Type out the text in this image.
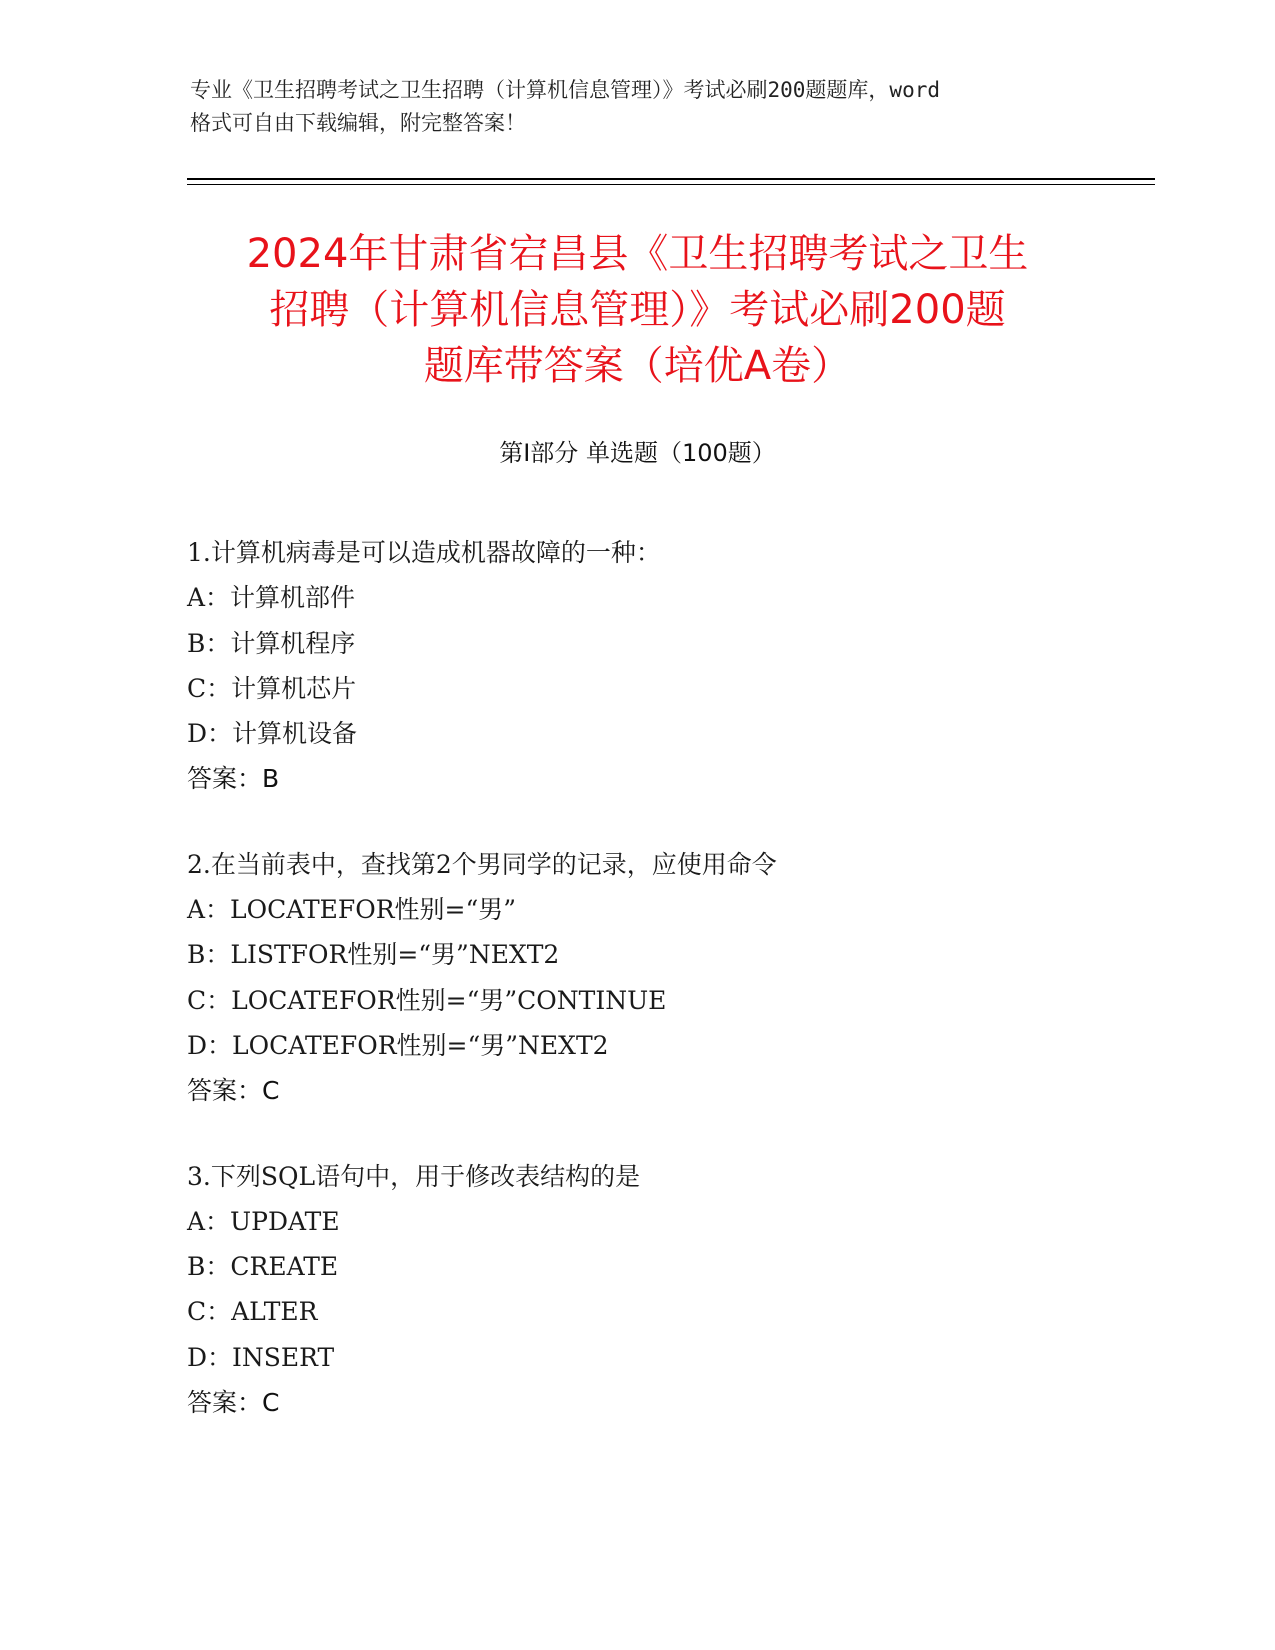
专业《卫生招聘考试之卫生招聘（计算机信息管理）》考试必刷200题题库，word
格式可自由下载编辑，附完整答案！
2024年甘肃省宕昌县《卫生招聘考试之卫生
招聘（计算机信息管理）》考试必刷200题
题库带答案（培优A卷）
第Ⅰ部分 单选题（100题）
1.计算机病毒是可以造成机器故障的一种：
A：计算机部件
B：计算机程序
C：计算机芯片
D：计算机设备
答案：B
2.在当前表中，查找第2个男同学的记录，应使用命令
A：LOCATEFOR性别=“男”
B：LISTFOR性别=“男”NEXT2
C：LOCATEFOR性别=“男”CONTINUE
D：LOCATEFOR性别=“男”NEXT2
答案：C
3.下列SQL语句中，用于修改表结构的是
A：UPDATE
B：CREATE
C：ALTER
D：INSERT
答案：C
